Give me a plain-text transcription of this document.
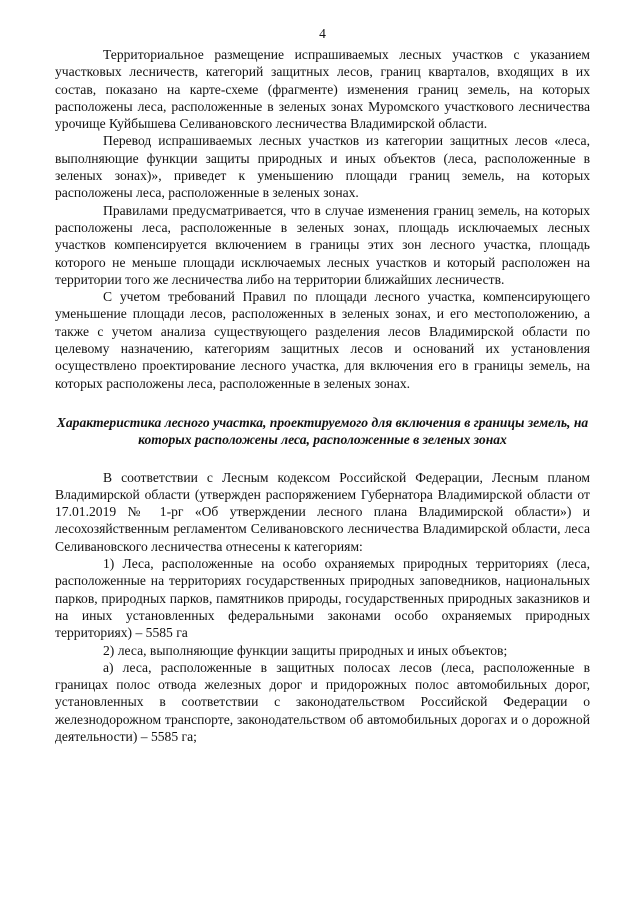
4

Территориальное размещение испрашиваемых лесных участков с указанием участковых лесничеств, категорий защитных лесов, границ кварталов, входящих в их состав, показано на карте-схеме (фрагменте) изменения границ земель, на которых расположены леса, расположенные в зеленых зонах Муромского участкового лесничества урочище Куйбышева Селивановского лесничества Владимирской области.

Перевод испрашиваемых лесных участков из категории защитных лесов «леса, выполняющие функции защиты природных и иных объектов (леса, расположенные в зеленых зонах)», приведет к уменьшению площади границ земель, на которых расположены леса, расположенные в зеленых зонах.

Правилами предусматривается, что в случае изменения границ земель, на которых расположены леса, расположенные в зеленых зонах, площадь исключаемых лесных участков компенсируется включением в границы этих зон лесного участка, площадь которого не меньше площади исключаемых лесных участков и который расположен на территории того же лесничества либо на территории ближайших лесничеств.

С учетом требований Правил по площади лесного участка, компенсирующего уменьшение площади лесов, расположенных в зеленых зонах, и его местоположению, а также с учетом анализа существующего разделения лесов Владимирской области по целевому назначению, категориям защитных лесов и оснований их установления осуществлено проектирование лесного участка, для включения его в границы земель, на которых расположены леса, расположенные в зеленых зонах.

Характеристика лесного участка, проектируемого для включения в границы земель, на которых расположены леса, расположенные в зеленых зонах

В соответствии с Лесным кодексом Российской Федерации, Лесным планом Владимирской области (утвержден распоряжением Губернатора Владимирской области от 17.01.2019 № 1-рг «Об утверждении лесного плана Владимирской области») и лесохозяйственным регламентом Селивановского лесничества Владимирской области, леса Селивановского лесничества отнесены к категориям:

1) Леса, расположенные на особо охраняемых природных территориях (леса, расположенные на территориях государственных природных заповедников, национальных парков, природных парков, памятников природы, государственных природных заказников и на иных установленных федеральными законами особо охраняемых природных территориях) – 5585 га

2) леса, выполняющие функции защиты природных и иных объектов;

а) леса, расположенные в защитных полосах лесов (леса, расположенные в границах полос отвода железных дорог и придорожных полос автомобильных дорог, установленных в соответствии с законодательством Российской Федерации о железнодорожном транспорте, законодательством об автомобильных дорогах и о дорожной деятельности) – 5585 га;
